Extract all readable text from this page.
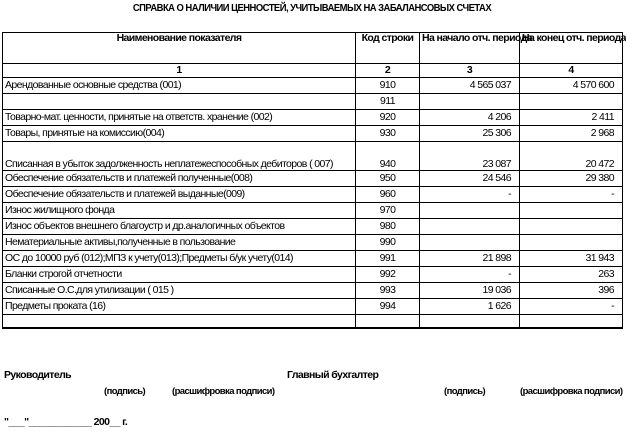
СПРАВКА О НАЛИЧИИ ЦЕННОСТЕЙ, УЧИТЫВАЕМЫХ НА ЗАБАЛАНСОВЫХ СЧЕТАХ
Наименование показателя	Код строки	На начало отч. периода	На конец отч. периода
1	2	3	4
Арендованные основные средства (001)	910	4 565 037	4 570 600
	911		
Товарно-мат. ценности, принятые на ответств. хранение (002)	920	4 206	2 411
Товары, принятые на комиссию(004)	930	25 306	2 968
Списанная в убыток задолженность неплатежеспособных дебиторов ( 007)	940	23 087	20 472
Обеспечение обязательств и платежей полученные(008)	950	24 546	29 380
Обеспечение обязательств и платежей выданные(009)	960	-	-
Износ жилищного фонда	970		
Износ объектов внешнего благоустр и др.аналогичных объектов	980		
Нематериальные активы,полученные в пользование	990		
ОС до 10000 руб (012);МПЗ к учету(013);Предметы б/ук учету(014)	991	21 898	31 943
Бланки строгой отчетности	992	-	263
Списанные О.С.для утилизации ( 015 )	993	19 036	396
Предметы проката (16)	994	1 626	-

Руководитель	Главный бухгалтер
(подпись)	(расшифровка подписи)	(подпись)	(расшифровка подписи)
"___"____________ 200__ г.
